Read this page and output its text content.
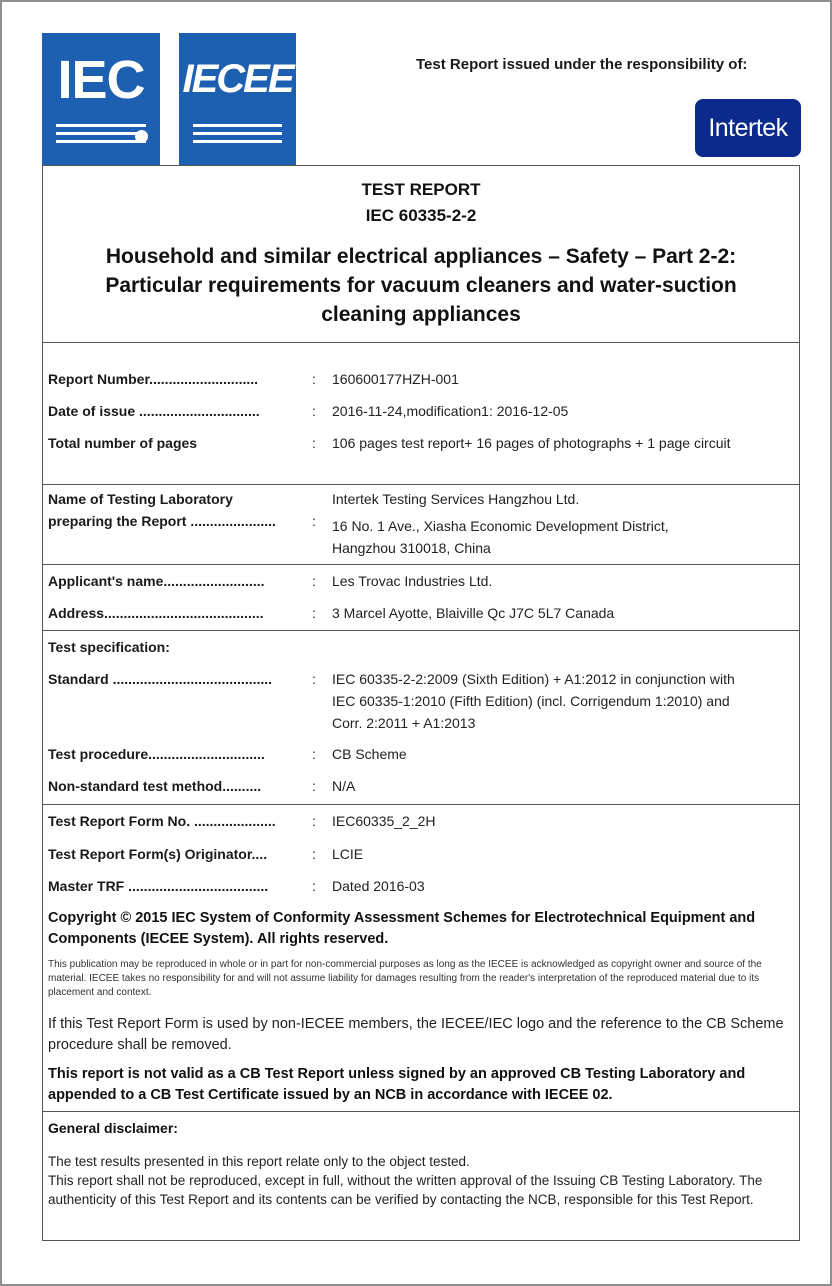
IEC IECEE	Test Report issued under the responsibility of:
Intertek
TEST REPORT
IEC 60335-2-2
Household and similar electrical appliances – Safety – Part 2-2: Particular requirements for vacuum cleaners and water-suction cleaning appliances
Report Number............................	: 160600177HZH-001
Date of issue ...............................	: 2016-11-24,modification1: 2016-12-05
Total number of pages	: 106 pages test report+ 16 pages of photographs + 1 page circuit
Name of Testing Laboratory
preparing the Report ......................	:
Intertek Testing Services Hangzhou Ltd.
16 No. 1 Ave., Xiasha Economic Development District,
Hangzhou 310018, China
Applicant's name..........................	: Les Trovac Industries Ltd.
Address.........................................	: 3 Marcel Ayotte, Blaiville Qc J7C 5L7 Canada
Test specification:
Standard .........................................	: IEC 60335-2-2:2009 (Sixth Edition) + A1:2012 in conjunction with
IEC 60335-1:2010 (Fifth Edition) (incl. Corrigendum 1:2010) and
Corr. 2:2011 + A1:2013
Test procedure..............................	: CB Scheme
Non-standard test method..........	: N/A
Test Report Form No. .....................	: IEC60335_2_2H
Test Report Form(s) Originator....	: LCIE
Master TRF ....................................	: Dated 2016-03
Copyright © 2015 IEC System of Conformity Assessment Schemes for Electrotechnical Equipment and Components (IECEE System). All rights reserved.
This publication may be reproduced in whole or in part for non-commercial purposes as long as the IECEE is acknowledged as copyright owner and source of the material. IECEE takes no responsibility for and will not assume liability for damages resulting from the reader's interpretation of the reproduced material due to its placement and context.
If this Test Report Form is used by non-IECEE members, the IECEE/IEC logo and the reference to the CB Scheme procedure shall be removed.
This report is not valid as a CB Test Report unless signed by an approved CB Testing Laboratory and appended to a CB Test Certificate issued by an NCB in accordance with IECEE 02.
General disclaimer:
The test results presented in this report relate only to the object tested.
This report shall not be reproduced, except in full, without the written approval of the Issuing CB Testing Laboratory. The authenticity of this Test Report and its contents can be verified by contacting the NCB, responsible for this Test Report.
